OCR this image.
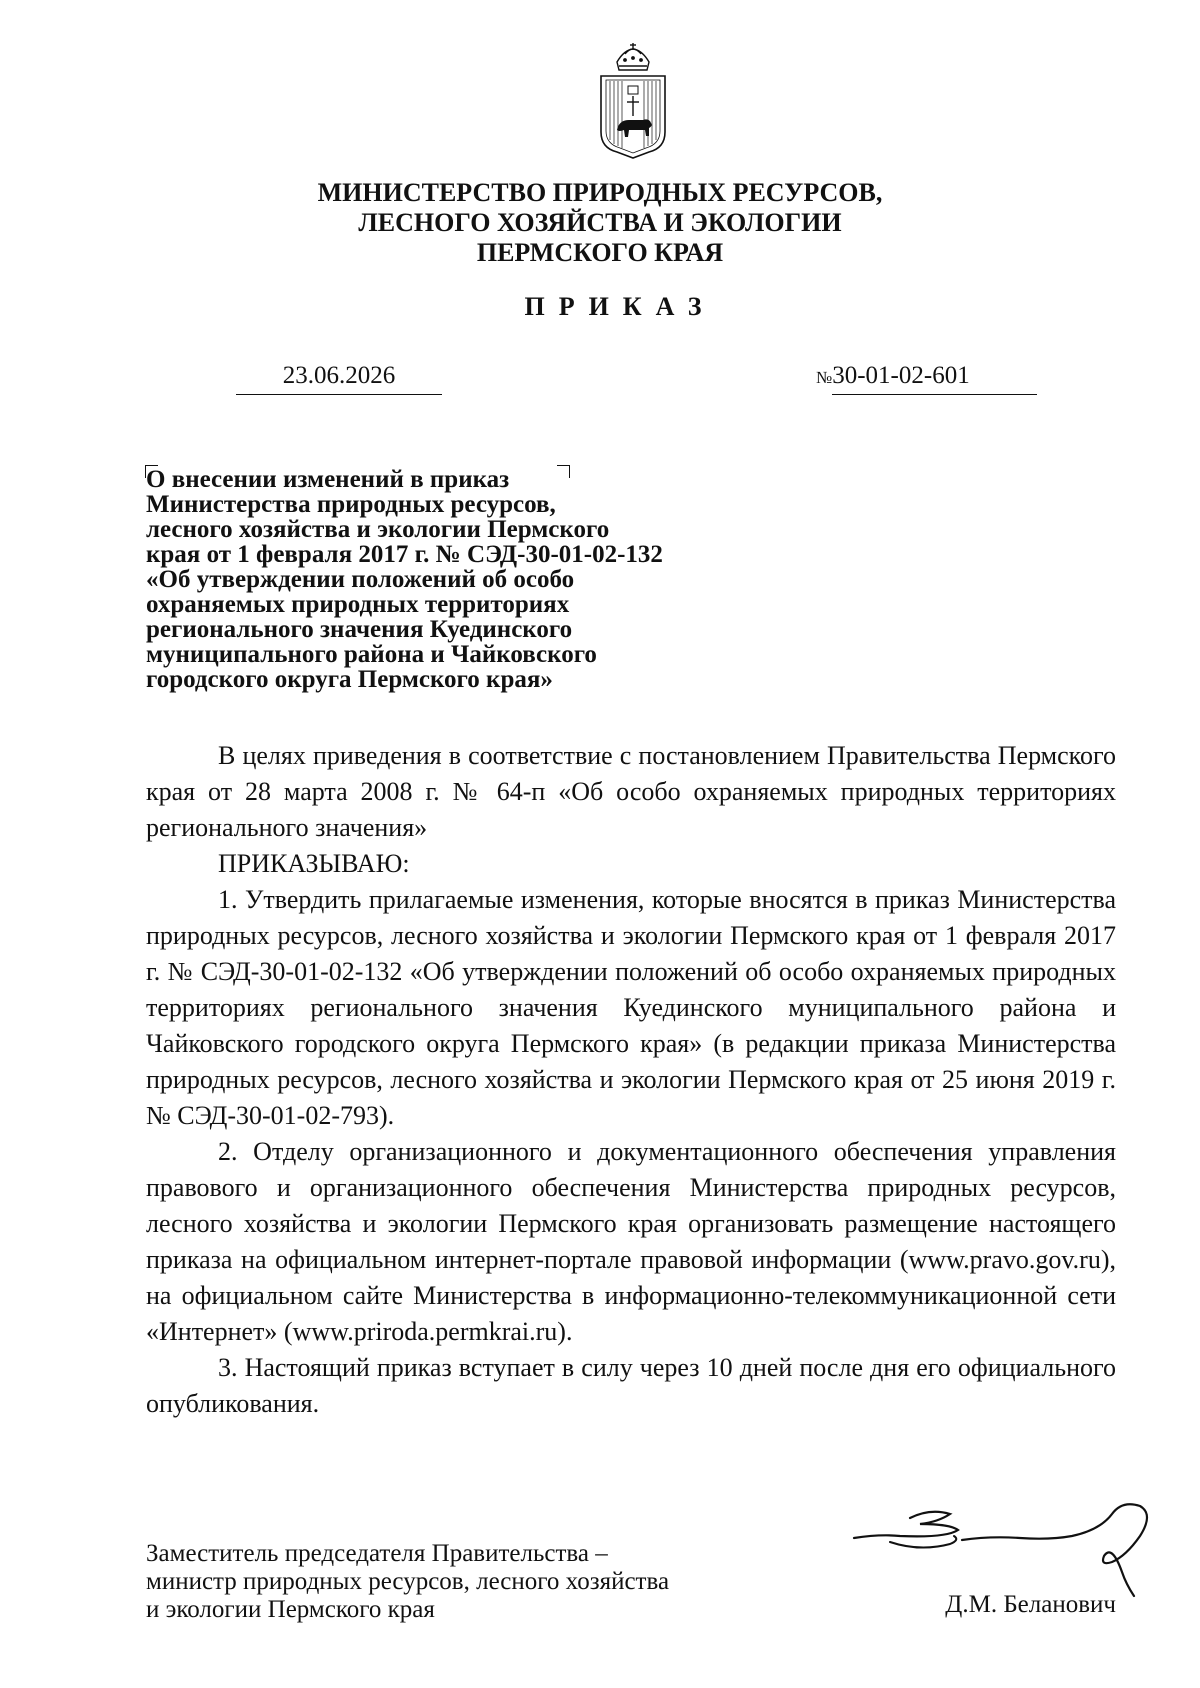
МИНИСТЕРСТВО ПРИРОДНЫХ РЕСУРСОВ,
ЛЕСНОГО ХОЗЯЙСТВА И ЭКОЛОГИИ
ПЕРМСКОГО КРАЯ
ПРИКАЗ
23.06.2026	№30-01-02-601
О внесении изменений в приказ
Министерства природных ресурсов,
лесного хозяйства и экологии Пермского
края от 1 февраля 2017 г. № СЭД-30-01-02-132
«Об утверждении положений об особо
охраняемых природных территориях
регионального значения Куединского
муниципального района и Чайковского
городского округа Пермского края»

В целях приведения в соответствие с постановлением Правительства Пермского края от 28 марта 2008 г. № 64-п «Об особо охраняемых природных территориях регионального значения»

ПРИКАЗЫВАЮ:

1. Утвердить прилагаемые изменения, которые вносятся в приказ Министерства природных ресурсов, лесного хозяйства и экологии Пермского края от 1 февраля 2017 г. № СЭД-30-01-02-132 «Об утверждении положений об особо охраняемых природных территориях регионального значения Куединского муниципального района и Чайковского городского округа Пермского края» (в редакции приказа Министерства природных ресурсов, лесного хозяйства и экологии Пермского края от 25 июня 2019 г. № СЭД-30-01-02-793).

2. Отделу организационного и документационного обеспечения управления правового и организационного обеспечения Министерства природных ресурсов, лесного хозяйства и экологии Пермского края организовать размещение настоящего приказа на официальном интернет-портале правовой информации (www.pravo.gov.ru), на официальном сайте Министерства в информационно-телекоммуникационной сети «Интернет» (www.priroda.permkrai.ru).

3. Настоящий приказ вступает в силу через 10 дней после дня его официального опубликования.

Заместитель председателя Правительства –
министр природных ресурсов, лесного хозяйства
и экологии Пермского края	Д.М. Беланович
